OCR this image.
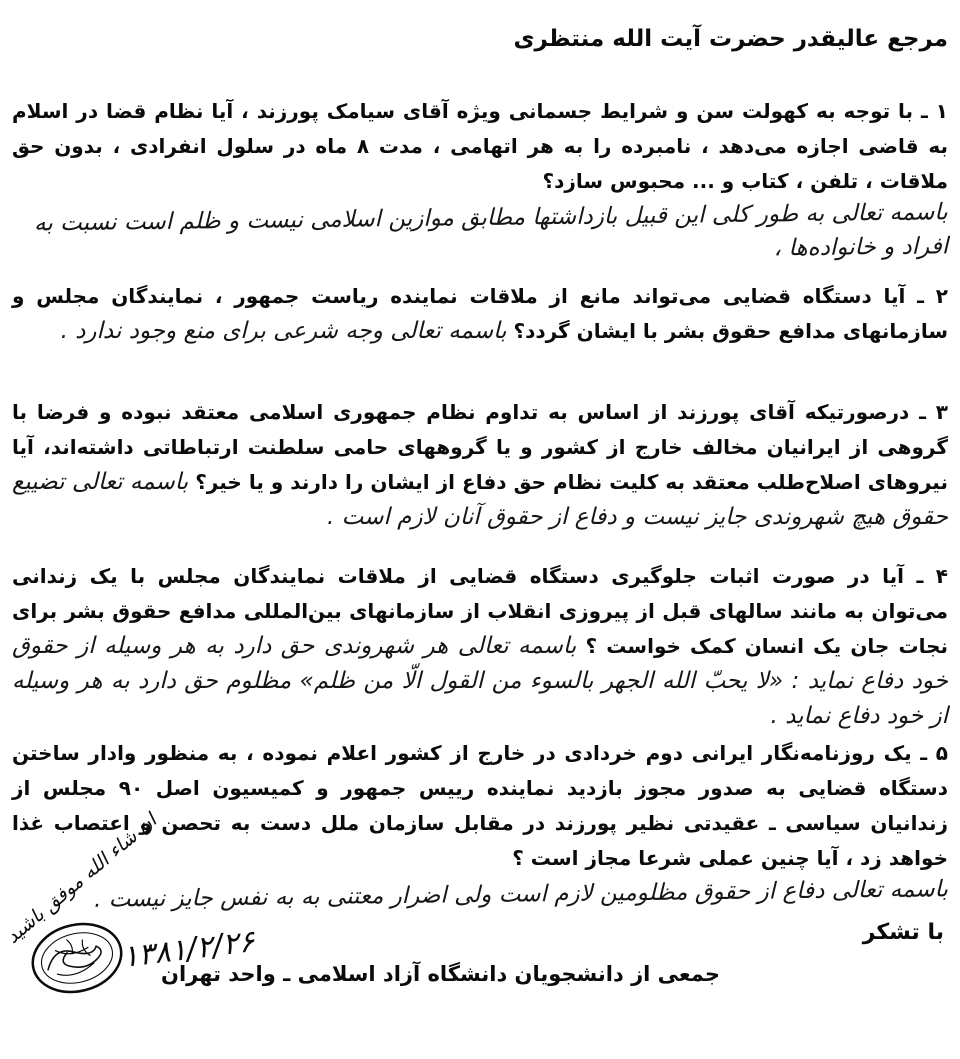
مرجع عالیقدر حضرت آیت الله منتظری

۱ ـ با توجه به کهولت سن و شرایط جسمانی ویژه آقای سیامک پورزند ، آیا نظام قضا در اسلام به قاضی اجازه می‌دهد ، نامبرده را به هر اتهامی ، مدت ۸ ماه در سلول انفرادی ، بدون حق ملاقات ، تلفن ، کتاب و ... محبوس سازد؟

باسمه تعالی به طور کلی این قبیل بازداشتها مطابق موازین اسلامی نیست و ظلم است نسبت به افراد و خانواده‌ها ،

۲ ـ آیا دستگاه قضایی می‌تواند مانع از ملاقات نماینده ریاست جمهور ، نمایندگان مجلس و سازمانهای مدافع حقوق بشر با ایشان گردد؟ باسمه تعالی وجه شرعی برای منع وجود ندارد .

۳ ـ درصورتیکه آقای پورزند از اساس به تداوم نظام جمهوری اسلامی معتقد نبوده و فرضا با گروهی از ایرانیان مخالف خارج از کشور و یا گروههای حامی سلطنت ارتباطاتی داشته‌اند، آیا نیروهای اصلاح‌طلب معتقد به کلیت نظام حق دفاع از ایشان را دارند و یا خیر؟ باسمه تعالی تضییع حقوق هیچ شهروندی جایز نیست و دفاع از حقوق آنان لازم است .

۴ ـ آیا در صورت اثبات جلوگیری دستگاه قضایی از ملاقات نمایندگان مجلس با یک زندانی می‌توان به مانند سالهای قبل از پیروزی انقلاب از سازمانهای بین‌المللی مدافع حقوق بشر برای نجات جان یک انسان کمک خواست ؟ باسمه تعالی هر شهروندی حق دارد به هر وسیله از حقوق خود دفاع نماید : «لا یحبّ الله الجهر بالسوء من القول الّا من ظلم» مظلوم حق دارد به هر وسیله از خود دفاع نماید .

۵ ـ یک روزنامه‌نگار ایرانی دوم خردادی در خارج از کشور اعلام نموده ، به منظور وادار ساختن دستگاه قضایی به صدور مجوز بازدید نماینده رییس جمهور و کمیسیون اصل ۹۰ مجلس از زندانیان سیاسی ـ عقیدتی نظیر پورزند در مقابل سازمان ملل دست به تحصن و اعتصاب غذا خواهد زد ، آیا چنین عملی شرعا مجاز است ؟

باسمه تعالی دفاع از حقوق مظلومین لازم است ولی اضرار معتنی به به نفس جایز نیست .
ان شاء الله موفق باشید	با تشکر
۱۳۸۱/۲/۲۶
جمعی از دانشجویان دانشگاه آزاد اسلامی ـ واحد تهران
